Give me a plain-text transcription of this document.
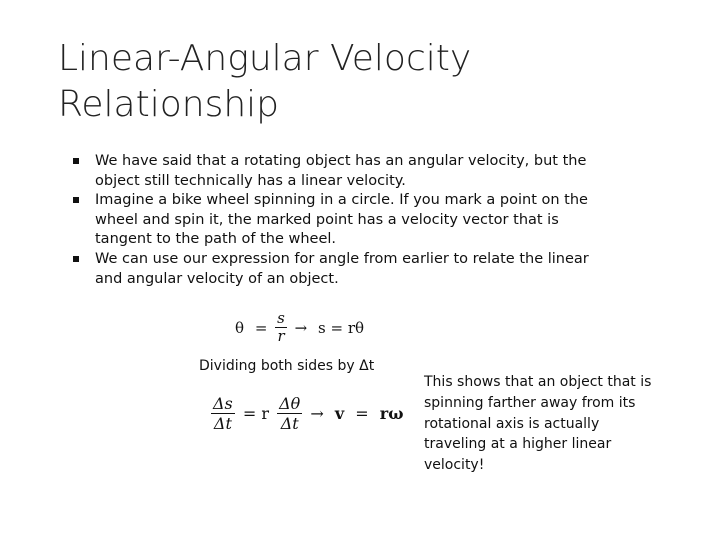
Linear-Angular Velocity
Relationship
We have said that a rotating object has an angular velocity, but the object still technically has a linear velocity.
Imagine a bike wheel spinning in a circle. If you mark a point on the wheel and spin it, the marked point has a velocity vector that is tangent to the path of the wheel.
We can use our expression for angle from earlier to relate the linear and angular velocity of an object.
$\theta = \frac{s}{r} \to s = r\theta$

Dividing both sides by Δt

$\frac{\Delta s}{\Delta t} = r \frac{\Delta\theta}{\Delta t} \to v = r\omega$

This shows that an object that is spinning farther away from its rotational axis is actually traveling at a higher linear velocity!
